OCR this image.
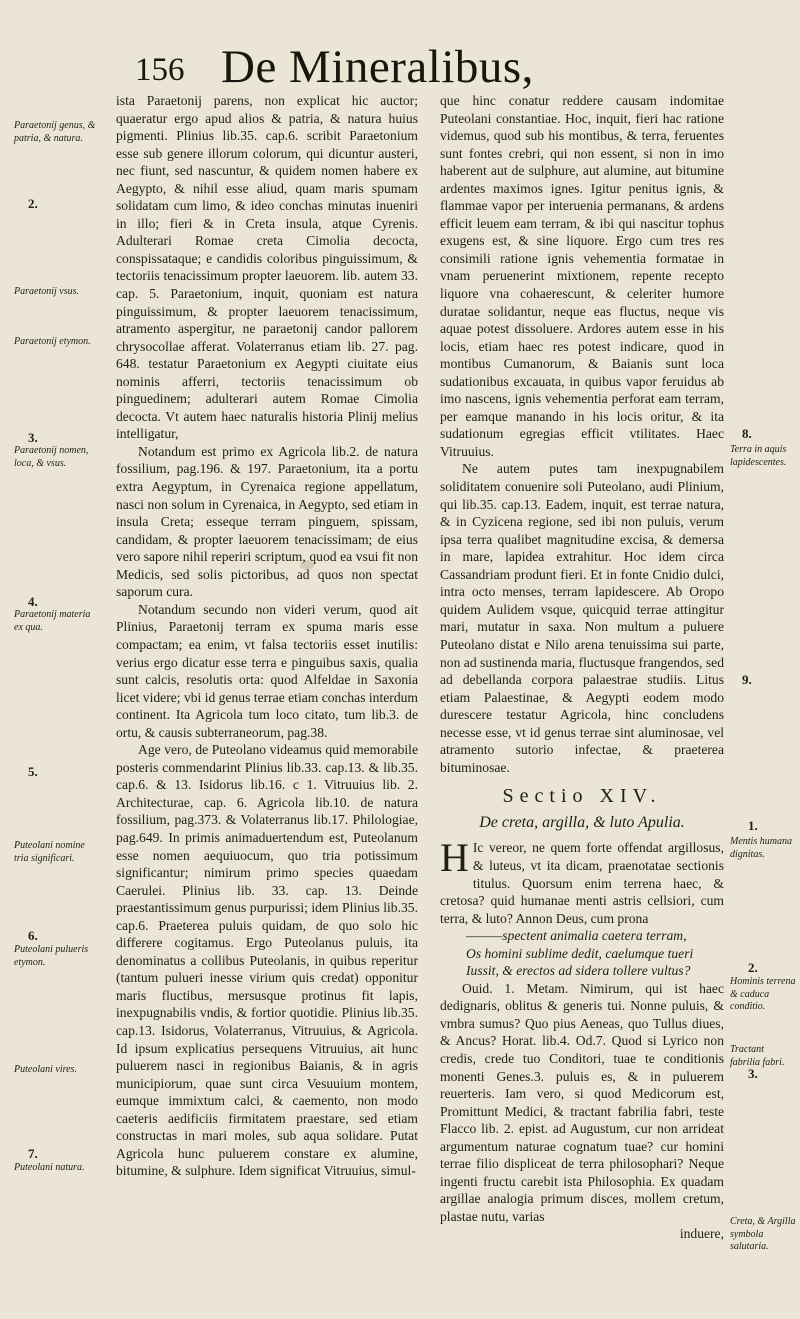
156 De Mineralibus,
Paraetonij genus, & patria, & natura.
2.
Paraetonij vsus.
Paraetonij etymon.
3.
Paraetonij nomen, loca, & vsus.
4.
Paraetonij materia ex qua.
5.
Puteolani nomine tria significari.
6.
Puteolani pulueris etymon.
Puteolani vires.
7.
Puteolani natura.

ista Paraetonij parens, non explicat hic auctor; quaeratur ergo apud alios & patria, & natura huius pigmenti. Plinius lib.35. cap.6. scribit Paraetonium esse sub genere illorum colorum, qui dicuntur austeri, nec fiunt, sed nascuntur, & quidem nomen habere ex Aegypto, & nihil esse aliud, quam maris spumam solidatam cum limo, & ideo conchas minutas inueniri in illo; fieri & in Creta insula, atque Cyrenis. Adulterari Romae creta Cimolia decocta, conspissataque; e candidis coloribus pinguissimum, & tectoriis tenacissimum propter laeuorem. lib. autem 33. cap. 5. Paraetonium, inquit, quoniam est natura pinguissimum, & propter laeuorem tenacissimum, atramento aspergitur, ne paraetonij candor pallorem chrysocollae afferat. Volaterranus etiam lib. 27. pag. 648. testatur Paraetonium ex Aegypti ciuitate eius nominis afferri, tectoriis tenacissimum ob pinguedinem; adulterari autem Romae Cimolia decocta. Vt autem haec naturalis historia Plinij melius intelligatur,

Notandum est primo ex Agricola lib.2. de natura fossilium, pag.196. & 197. Paraetonium, ita a portu extra Aegyptum, in Cyrenaica regione appellatum, nasci non solum in Cyrenaica, in Aegypto, sed etiam in insula Creta; esseque terram pinguem, spissam, candidam, & propter laeuorem tenacissimam; de eius vero sapore nihil reperiri scriptum, quod ea vsui fit non Medicis, sed solis pictoribus, ad quos non spectat saporum cura.

Notandum secundo non videri verum, quod ait Plinius, Paraetonij terram ex spuma maris esse compactam; ea enim, vt falsa tectoriis esset inutilis: verius ergo dicatur esse terra e pinguibus saxis, qualia sunt calcis, resolutis orta: quod Alfeldae in Saxonia licet videre; vbi id genus terrae etiam conchas interdum continent. Ita Agricola tum loco citato, tum lib.3. de ortu, & causis subterraneorum, pag.38.

Age vero, de Puteolano videamus quid memorabile posteris commendarint Plinius lib.33. cap.13. & lib.35. cap.6. & 13. Isidorus lib.16. c 1. Vitruuius lib. 2. Architecturae, cap. 6. Agricola lib.10. de natura fossilium, pag.373. & Volaterranus lib.17. Philologiae, pag.649. In primis animaduertendum est, Puteolanum esse nomen aequiuocum, quo tria potissimum significantur; nimirum primo species quaedam Caerulei. Plinius lib. 33. cap. 13. Deinde praestantissimum genus purpurissi; idem Plinius lib.35. cap.6. Praeterea puluis quidam, de quo solo hic differere cogitamus. Ergo Puteolanus puluis, ita denominatus a collibus Puteolanis, in quibus reperitur (tantum pulueri inesse virium quis credat) opponitur maris fluctibus, mersusque protinus fit lapis, inexpugnabilis vndis, & fortior quotidie. Plinius lib.35. cap.13. Isidorus, Volaterranus, Vitruuius, & Agricola. Id ipsum explicatius persequens Vitruuius, ait hunc puluerem nasci in regionibus Baianis, & in agris municipiorum, quae sunt circa Vesuuium montem, eumque immixtum calci, & caemento, non modo caeteris aedificiis firmitatem praestare, sed etiam constructas in mari moles, sub aqua solidare. Putat Agricola hunc puluerem constare ex alumine, bitumine, & sulphure. Idem significat Vitruuius, simul-

que hinc conatur reddere causam indomitae Puteolani constantiae. Hoc, inquit, fieri hac ratione videmus, quod sub his montibus, & terra, feruentes sunt fontes crebri, qui non essent, si non in imo haberent aut de sulphure, aut alumine, aut bitumine ardentes maximos ignes. Igitur penitus ignis, & flammae vapor per interuenia permanans, & ardens efficit leuem eam terram, & ibi qui nascitur tophus exugens est, & sine liquore. Ergo cum tres res consimili ratione ignis vehementia formatae in vnam peruenerint mixtionem, repente recepto liquore vna cohaerescunt, & celeriter humore duratae solidantur, neque eas fluctus, neque vis aquae potest dissoluere. Ardores autem esse in his locis, etiam haec res potest indicare, quod in montibus Cumanorum, & Baianis sunt loca sudationibus excauata, in quibus vapor feruidus ab imo nascens, ignis vehementia perforat eam terram, per eamque manando in his locis oritur, & ita sudationum egregias efficit vtilitates. Haec Vitruuius.

Ne autem putes tam inexpugnabilem soliditatem conuenire soli Puteolano, audi Plinium, qui lib.35. cap.13. Eadem, inquit, est terrae natura, & in Cyzicena regione, sed ibi non puluis, verum ipsa terra qualibet magnitudine excisa, & demersa in mare, lapidea extrahitur. Hoc idem circa Cassandriam produnt fieri. Et in fonte Cnidio dulci, intra octo menses, terram lapidescere. Ab Oropo quidem Aulidem vsque, quicquid terrae attingitur mari, mutatur in saxa. Non multum a puluere Puteolano distat e Nilo arena tenuissima sui parte, non ad sustinenda maria, fluctusque frangendos, sed ad debellanda corpora palaestrae studiis. Litus etiam Palaestinae, & Aegypti eodem modo durescere testatur Agricola, hinc concludens necesse esse, vt id genus terrae sint aluminosae, vel atramento sutorio infectae, & praeterea bituminosae.

Sectio XIV.
De creta, argilla, & luto Apulia.

H Ic vereor, ne quem forte offendat argillosus, & luteus, vt ita dicam, praenotatae sectionis titulus. Quorsum enim terrena haec, & cretosa? quid humanae menti astris cellsiori, cum terra, & luto? Annon Deus, cum prona

———spectent animalia caetera terram,
Os homini sublime dedit, caelumque tueri
Iussit, & erectos ad sidera tollere vultus?

Ouid. 1. Metam. Nimirum, qui ist haec dedignaris, oblitus & generis tui. Nonne puluis, & vmbra sumus? Quo pius Aeneas, quo Tullus diues, & Ancus? Horat. lib.4. Od.7. Quod si Lyrico non credis, crede tuo Conditori, tuae te conditionis monenti Genes.3. puluis es, & in puluerem reuerteris. Iam vero, si quod Medicorum est, Promittunt Medici, & tractant fabrilia fabri, teste Flacco lib. 2. epist. ad Augustum, cur non arrideat argumentum naturae cognatum tuae? cur homini terrae filio displiceat de terra philosophari? Neque ingenti fructu carebit ista Philosophia. Ex quadam argillae analogia primum disces, mollem cretum, plastae nutu, varias

induere,
8.
Terra in aquis lapidescentes.
9.
1.
Mentis humana dignitas.
2.
Hominis terrena & caduca conditio.
Tractant fabrilia fabri.
3.
Creta, & Argilla symbola salutaria.
